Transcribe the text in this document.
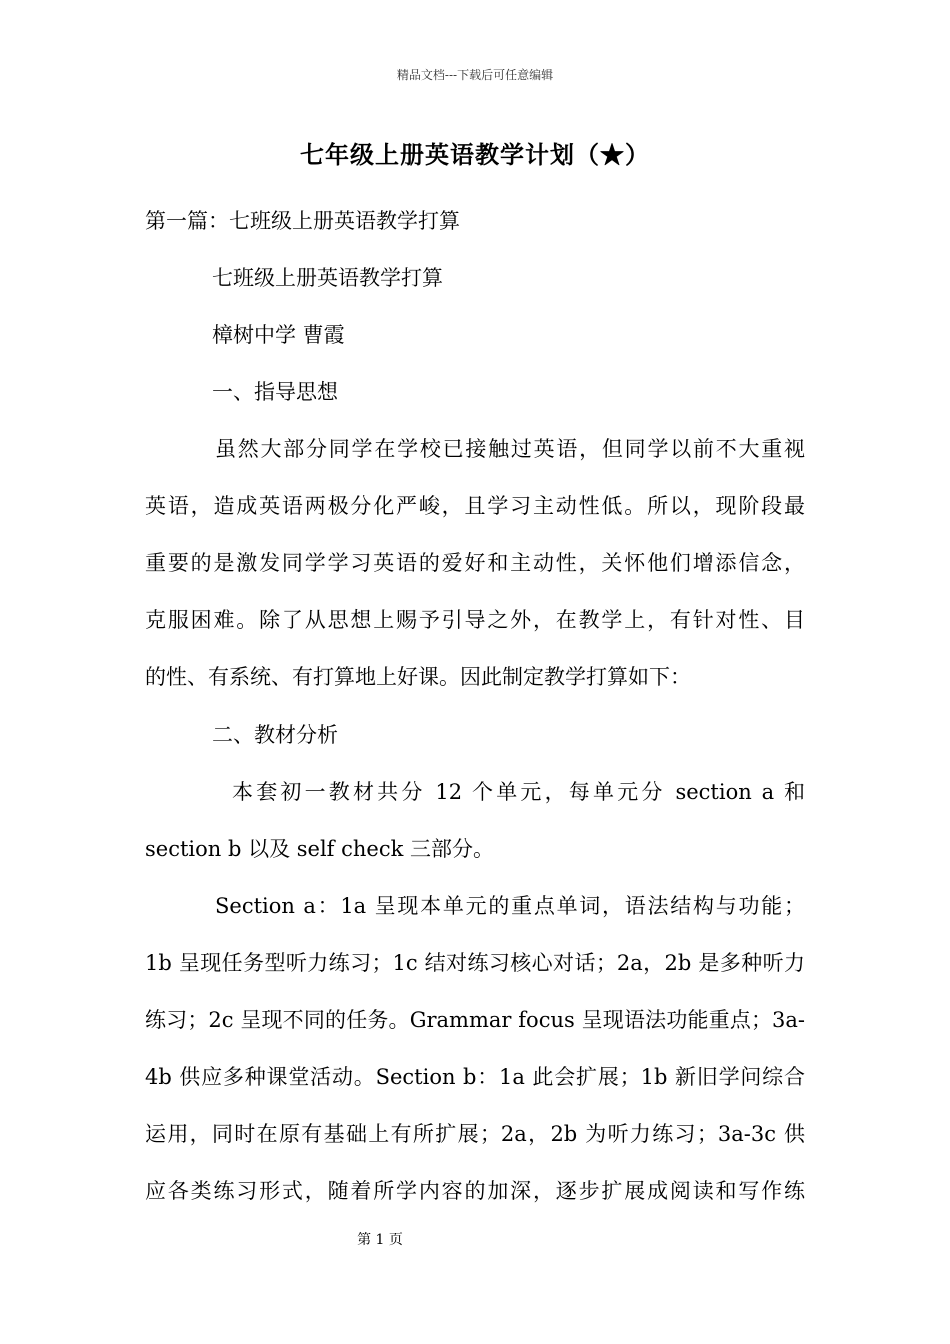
精品文档---下载后可任意编辑
七年级上册英语教学计划（★）
第一篇：七班级上册英语教学打算
七班级上册英语教学打算
樟树中学 曹霞
一、指导思想
虽然大部分同学在学校已接触过英语，但同学以前不大重视
英语，造成英语两极分化严峻，且学习主动性低。所以，现阶段最
重要的是激发同学学习英语的爱好和主动性，关怀他们增添信念，
克服困难。除了从思想上赐予引导之外，在教学上，有针对性、目
的性、有系统、有打算地上好课。因此制定教学打算如下：
二、教材分析
本套初一教材共分 12 个单元，每单元分 section a 和
section b 以及 self check 三部分。
Section a：1a 呈现本单元的重点单词，语法结构与功能；
1b 呈现任务型听力练习；1c 结对练习核心对话；2a，2b 是多种听力
练习；2c 呈现不同的任务。Grammar focus 呈现语法功能重点；3a-
4b 供应多种课堂活动。Section b：1a 此会扩展；1b 新旧学问综合
运用，同时在原有基础上有所扩展；2a，2b 为听力练习；3a-3c 供
应各类练习形式，随着所学内容的加深，逐步扩展成阅读和写作练
第 1 页
